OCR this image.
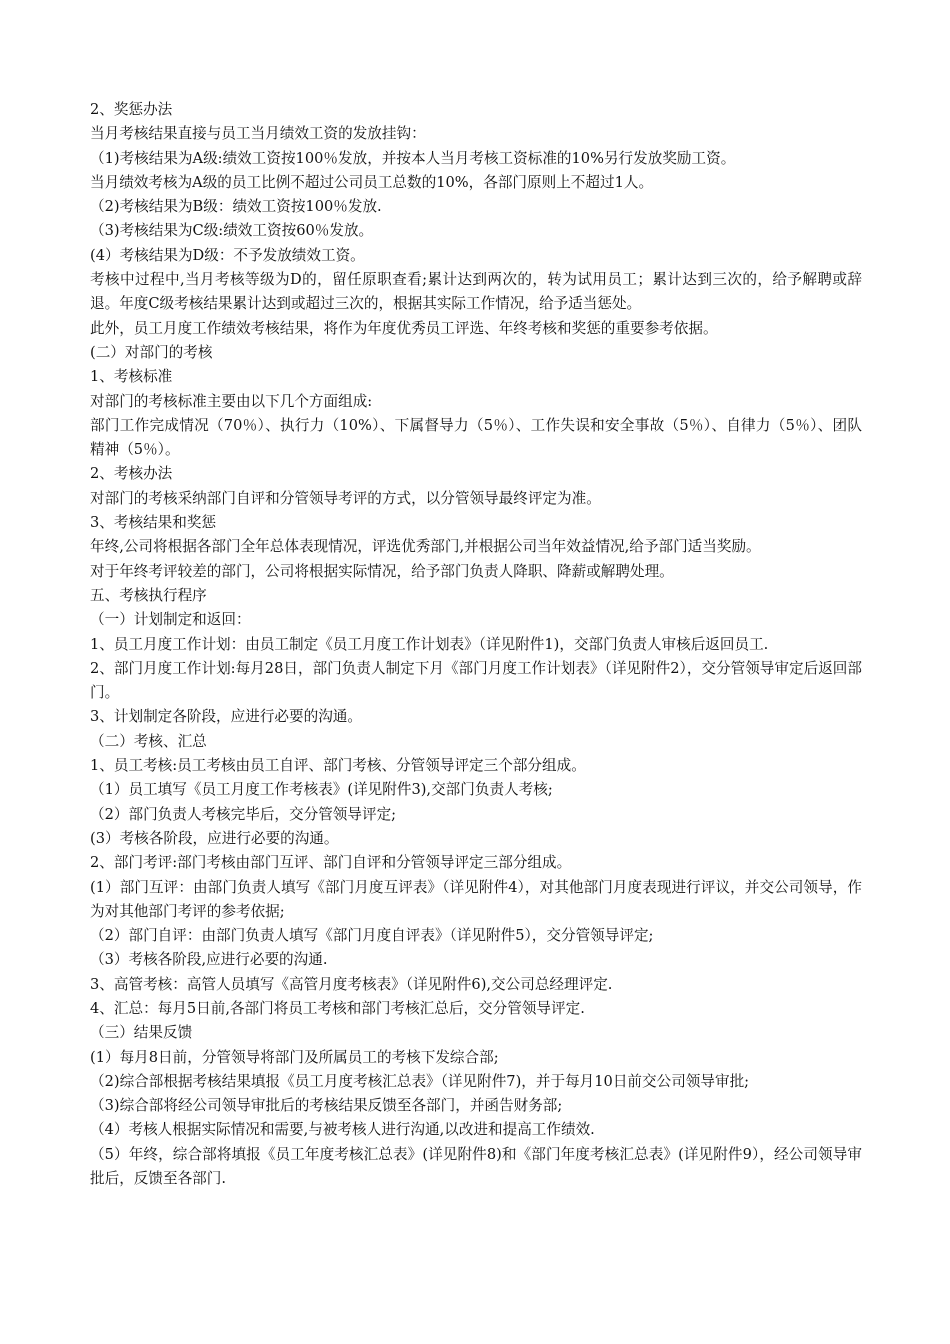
2、奖惩办法

当月考核结果直接与员工当月绩效工资的发放挂钩：

（1)考核结果为A级:绩效工资按100％发放，并按本人当月考核工资标准的10%另行发放奖励工资。

当月绩效考核为A级的员工比例不超过公司员工总数的10%，各部门原则上不超过1人。

（2)考核结果为B级：绩效工资按100％发放.

（3)考核结果为C级:绩效工资按60％发放。

(4）考核结果为D级：不予发放绩效工资。

考核中过程中,当月考核等级为D的，留任原职查看;累计达到两次的，转为试用员工；累计达到三次的，给予解聘或辞退。年度C级考核结果累计达到或超过三次的，根据其实际工作情况，给予适当惩处。

此外，员工月度工作绩效考核结果，将作为年度优秀员工评选、年终考核和奖惩的重要参考依据。

(二）对部门的考核

1、考核标准

对部门的考核标准主要由以下几个方面组成:

部门工作完成情况（70％）、执行力（10%）、下属督导力（5％）、工作失误和安全事故（5％）、自律力（5％）、团队精神（5％）。

2、考核办法

对部门的考核采纳部门自评和分管领导考评的方式，以分管领导最终评定为准。

3、考核结果和奖惩

年终,公司将根据各部门全年总体表现情况，评选优秀部门,并根据公司当年效益情况,给予部门适当奖励。

对于年终考评较差的部门，公司将根据实际情况，给予部门负责人降职、降薪或解聘处理。

五、考核执行程序

（一）计划制定和返回：

1、员工月度工作计划：由员工制定《员工月度工作计划表》（详见附件1)，交部门负责人审核后返回员工.

2、部门月度工作计划:每月28日，部门负责人制定下月《部门月度工作计划表》（详见附件2），交分管领导审定后返回部门。

3、计划制定各阶段，应进行必要的沟通。

（二）考核、汇总

1、员工考核:员工考核由员工自评、部门考核、分管领导评定三个部分组成。

（1）员工填写《员工月度工作考核表》(详见附件3),交部门负责人考核;

（2）部门负责人考核完毕后，交分管领导评定;

(3）考核各阶段，应进行必要的沟通。

2、部门考评:部门考核由部门互评、部门自评和分管领导评定三部分组成。

(1）部门互评：由部门负责人填写《部门月度互评表》（详见附件4），对其他部门月度表现进行评议，并交公司领导，作为对其他部门考评的参考依据;

（2）部门自评：由部门负责人填写《部门月度自评表》（详见附件5），交分管领导评定;

（3）考核各阶段,应进行必要的沟通.

3、高管考核：高管人员填写《高管月度考核表》（详见附件6),交公司总经理评定.

4、汇总：每月5日前,各部门将员工考核和部门考核汇总后，交分管领导评定.

（三）结果反馈

(1）每月8日前，分管领导将部门及所属员工的考核下发综合部;

（2)综合部根据考核结果填报《员工月度考核汇总表》（详见附件7)，并于每月10日前交公司领导审批;

（3)综合部将经公司领导审批后的考核结果反馈至各部门，并函告财务部;

（4）考核人根据实际情况和需要,与被考核人进行沟通,以改进和提高工作绩效.

（5）年终，综合部将填报《员工年度考核汇总表》(详见附件8)和《部门年度考核汇总表》(详见附件9），经公司领导审批后，反馈至各部门.
